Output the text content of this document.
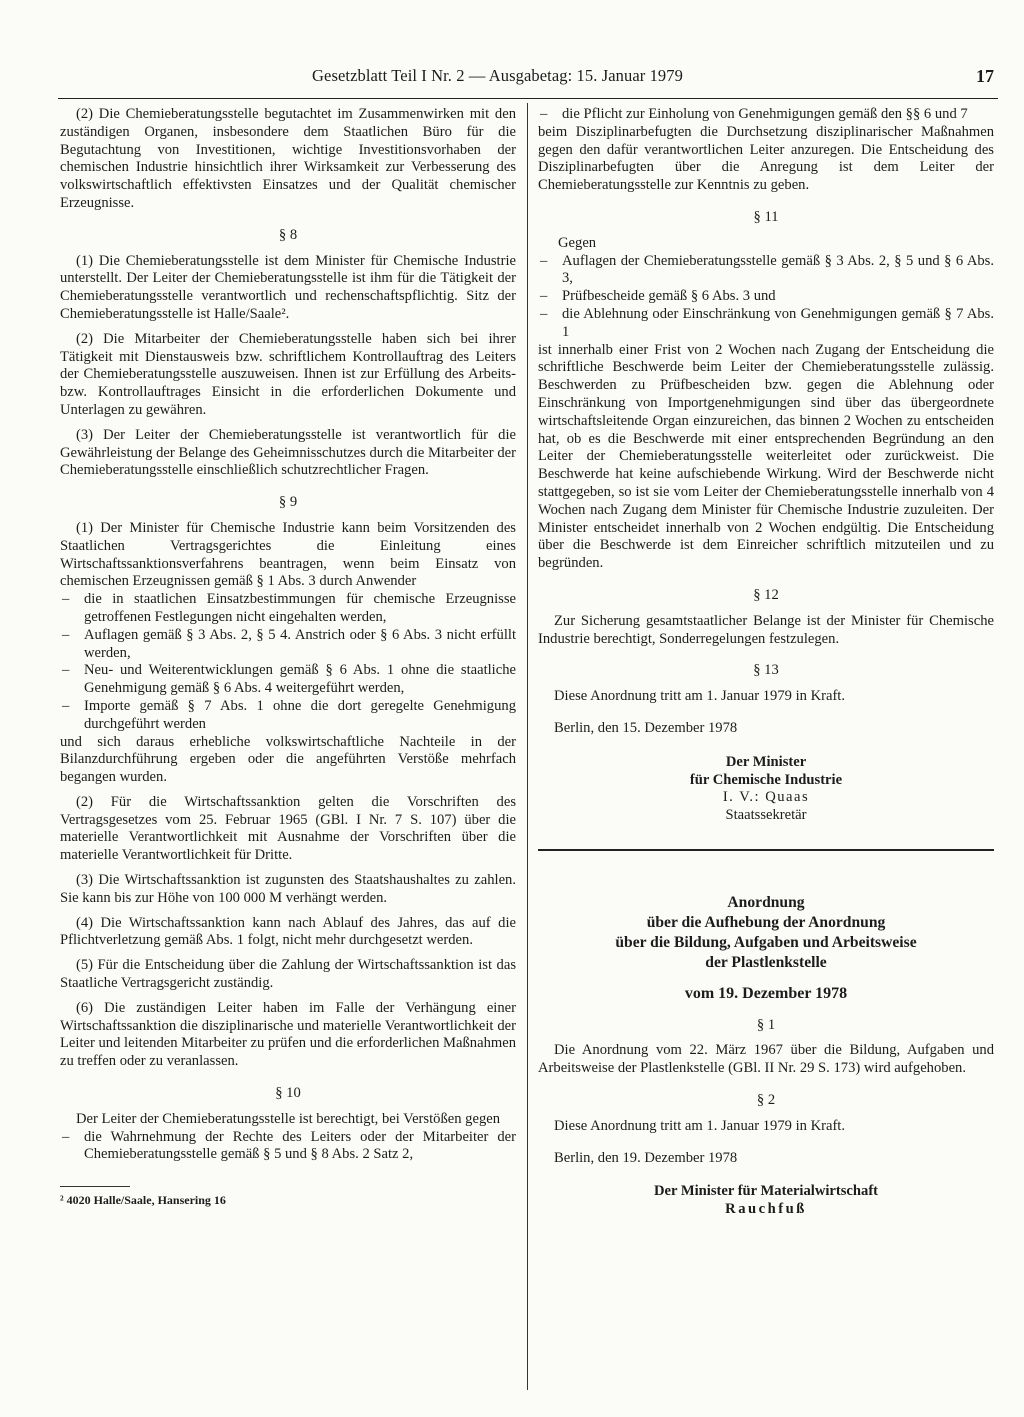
Gesetzblatt Teil I Nr. 2 — Ausgabetag: 15. Januar 1979	17

(2) Die Chemieberatungsstelle begutachtet im Zusammenwirken mit den zuständigen Organen, insbesondere dem Staatlichen Büro für die Begutachtung von Investitionen, wichtige Investitionsvorhaben der chemischen Industrie hinsichtlich ihrer Wirksamkeit zur Verbesserung des volkswirtschaftlich effektivsten Einsatzes und der Qualität chemischer Erzeugnisse.

§ 8

(1) Die Chemieberatungsstelle ist dem Minister für Chemische Industrie unterstellt. Der Leiter der Chemieberatungsstelle ist ihm für die Tätigkeit der Chemieberatungsstelle verantwortlich und rechenschaftspflichtig. Sitz der Chemieberatungsstelle ist Halle/Saale².

(2) Die Mitarbeiter der Chemieberatungsstelle haben sich bei ihrer Tätigkeit mit Dienstausweis bzw. schriftlichem Kontrollauftrag des Leiters der Chemieberatungsstelle auszuweisen. Ihnen ist zur Erfüllung des Arbeits- bzw. Kontrollauftrages Einsicht in die erforderlichen Dokumente und Unterlagen zu gewähren.

(3) Der Leiter der Chemieberatungsstelle ist verantwortlich für die Gewährleistung der Belange des Geheimnisschutzes durch die Mitarbeiter der Chemieberatungsstelle einschließlich schutzrechtlicher Fragen.

§ 9

(1) Der Minister für Chemische Industrie kann beim Vorsitzenden des Staatlichen Vertragsgerichtes die Einleitung eines Wirtschaftssanktionsverfahrens beantragen, wenn beim Einsatz von chemischen Erzeugnissen gemäß § 1 Abs. 3 durch Anwender

– die in staatlichen Einsatzbestimmungen für chemische Erzeugnisse getroffenen Festlegungen nicht eingehalten werden,

– Auflagen gemäß § 3 Abs. 2, § 5 4. Anstrich oder § 6 Abs. 3 nicht erfüllt werden,

– Neu- und Weiterentwicklungen gemäß § 6 Abs. 1 ohne die staatliche Genehmigung gemäß § 6 Abs. 4 weitergeführt werden,

– Importe gemäß § 7 Abs. 1 ohne die dort geregelte Genehmigung durchgeführt werden

und sich daraus erhebliche volkswirtschaftliche Nachteile in der Bilanzdurchführung ergeben oder die angeführten Verstöße mehrfach begangen wurden.

(2) Für die Wirtschaftssanktion gelten die Vorschriften des Vertragsgesetzes vom 25. Februar 1965 (GBl. I Nr. 7 S. 107) über die materielle Verantwortlichkeit mit Ausnahme der Vorschriften über die materielle Verantwortlichkeit für Dritte.

(3) Die Wirtschaftssanktion ist zugunsten des Staatshaushaltes zu zahlen. Sie kann bis zur Höhe von 100 000 M verhängt werden.

(4) Die Wirtschaftssanktion kann nach Ablauf des Jahres, das auf die Pflichtverletzung gemäß Abs. 1 folgt, nicht mehr durchgesetzt werden.

(5) Für die Entscheidung über die Zahlung der Wirtschaftssanktion ist das Staatliche Vertragsgericht zuständig.

(6) Die zuständigen Leiter haben im Falle der Verhängung einer Wirtschaftssanktion die disziplinarische und materielle Verantwortlichkeit der Leiter und leitenden Mitarbeiter zu prüfen und die erforderlichen Maßnahmen zu treffen oder zu veranlassen.

§ 10

Der Leiter der Chemieberatungsstelle ist berechtigt, bei Verstößen gegen

– die Wahrnehmung der Rechte des Leiters oder der Mitarbeiter der Chemieberatungsstelle gemäß § 5 und § 8 Abs. 2 Satz 2,

² 4020 Halle/Saale, Hansering 16

– die Pflicht zur Einholung von Genehmigungen gemäß den §§ 6 und 7

beim Disziplinarbefugten die Durchsetzung disziplinarischer Maßnahmen gegen den dafür verantwortlichen Leiter anzuregen. Die Entscheidung des Disziplinarbefugten über die Anregung ist dem Leiter der Chemieberatungsstelle zur Kenntnis zu geben.

§ 11

Gegen

– Auflagen der Chemieberatungsstelle gemäß § 3 Abs. 2, § 5 und § 6 Abs. 3,

– Prüfbescheide gemäß § 6 Abs. 3 und

– die Ablehnung oder Einschränkung von Genehmigungen gemäß § 7 Abs. 1

ist innerhalb einer Frist von 2 Wochen nach Zugang der Entscheidung die schriftliche Beschwerde beim Leiter der Chemieberatungsstelle zulässig. Beschwerden zu Prüfbescheiden bzw. gegen die Ablehnung oder Einschränkung von Importgenehmigungen sind über das übergeordnete wirtschaftsleitende Organ einzureichen, das binnen 2 Wochen zu entscheiden hat, ob es die Beschwerde mit einer entsprechenden Begründung an den Leiter der Chemieberatungsstelle weiterleitet oder zurückweist. Die Beschwerde hat keine aufschiebende Wirkung. Wird der Beschwerde nicht stattgegeben, so ist sie vom Leiter der Chemieberatungsstelle innerhalb von 4 Wochen nach Zugang dem Minister für Chemische Industrie zuzuleiten. Der Minister entscheidet innerhalb von 2 Wochen endgültig. Die Entscheidung über die Beschwerde ist dem Einreicher schriftlich mitzuteilen und zu begründen.

§ 12

Zur Sicherung gesamtstaatlicher Belange ist der Minister für Chemische Industrie berechtigt, Sonderregelungen festzulegen.

§ 13

Diese Anordnung tritt am 1. Januar 1979 in Kraft.

Berlin, den 15. Dezember 1978

Der Minister
für Chemische Industrie
I. V.: Quaas
Staatssekretär
Anordnung
über die Aufhebung der Anordnung
über die Bildung, Aufgaben und Arbeitsweise
der Plastlenkstelle
vom 19. Dezember 1978
§ 1

Die Anordnung vom 22. März 1967 über die Bildung, Aufgaben und Arbeitsweise der Plastlenkstelle (GBl. II Nr. 29 S. 173) wird aufgehoben.

§ 2

Diese Anordnung tritt am 1. Januar 1979 in Kraft.

Berlin, den 19. Dezember 1978

Der Minister für Materialwirtschaft
Rauchfuß
